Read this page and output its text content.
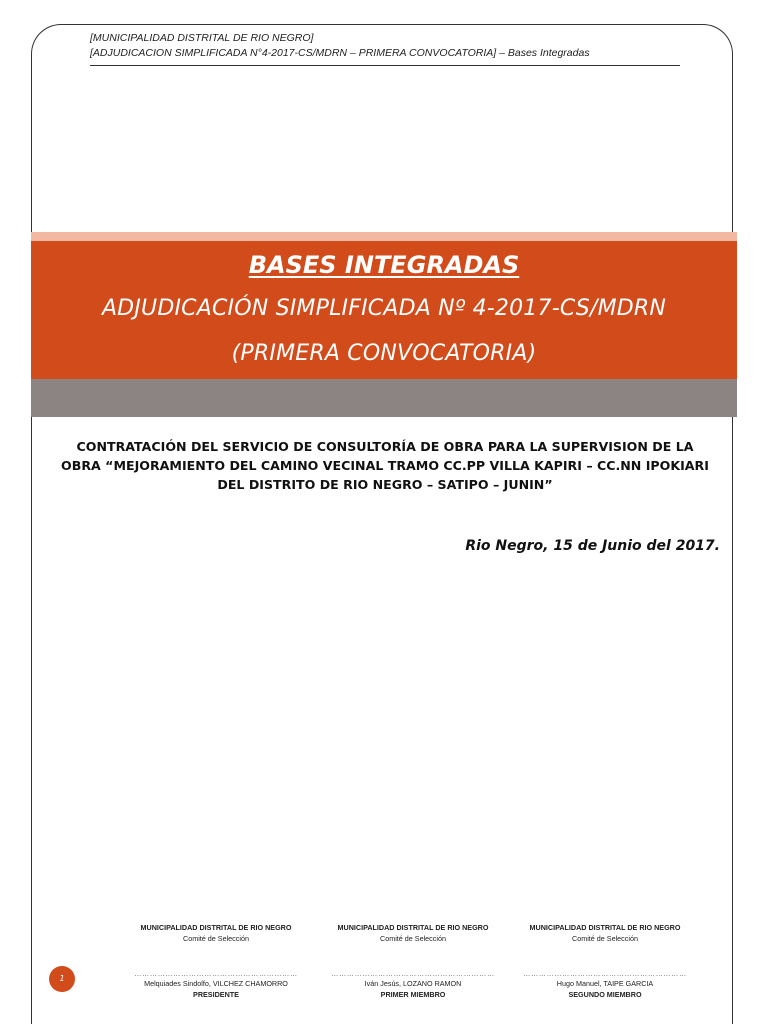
[MUNICIPALIDAD DISTRITAL DE RIO NEGRO]
[ADJUDICACION SIMPLIFICADA N°4-2017-CS/MDRN – PRIMERA CONVOCATORIA] – Bases Integradas
BASES INTEGRADAS
ADJUDICACIÓN SIMPLIFICADA Nº 4-2017-CS/MDRN
(PRIMERA CONVOCATORIA)
CONTRATACIÓN DEL SERVICIO DE CONSULTORÍA DE OBRA PARA LA SUPERVISION DE LA
OBRA “MEJORAMIENTO DEL CAMINO VECINAL TRAMO CC.PP VILLA KAPIRI – CC.NN IPOKIARI
DEL DISTRITO DE RIO NEGRO – SATIPO – JUNIN”
Rio Negro, 15 de Junio del 2017.
MUNICIPALIDAD DISTRITAL DE RIO NEGRO
Comité de Selección
………………………………………………………
Melquiades Sindolfo, VILCHEZ CHAMORRO
PRESIDENTE
MUNICIPALIDAD DISTRITAL DE RIO NEGRO
Comité de Selección
………………………………………………………
Iván Jesús, LOZANO RAMON
PRIMER MIEMBRO
MUNICIPALIDAD DISTRITAL DE RIO NEGRO
Comité de Selección
………………………………………………………
Hugo Manuel, TAIPE GARCIA
SEGUNDO MIEMBRO
1
